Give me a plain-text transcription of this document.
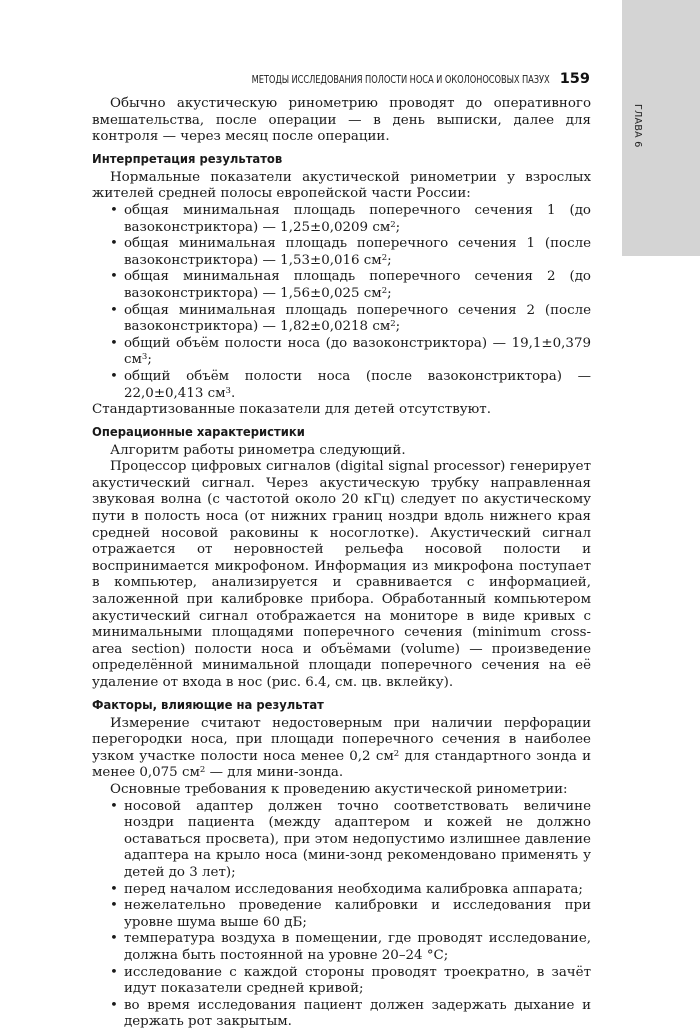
ГЛАВА 6
МЕТОДЫ ИССЛЕДОВАНИЯ ПОЛОСТИ НОСА И ОКОЛОНОСОВЫХ ПАЗУХ 159

Обычно акустическую ринометрию проводят до оперативного вмешательства, после операции — в день выписки, далее для контроля — через месяц после операции.

Интерпретация результатов

Нормальные показатели акустической ринометрии у взрослых жителей средней полосы европейской части России:

• общая минимальная площадь поперечного сечения 1 (до вазоконстриктора) — 1,25±0,0209 $см^2$;
• общая минимальная площадь поперечного сечения 1 (после вазоконстриктора) — 1,53±0,016 $см^2$;
• общая минимальная площадь поперечного сечения 2 (до вазоконстриктора) — 1,56±0,025 $см^2$;
• общая минимальная площадь поперечного сечения 2 (после вазоконстриктора) — 1,82±0,0218 $см^2$;
• общий объём полости носа (до вазоконстриктора) — 19,1±0,379 $см^3$;
• общий объём полости носа (после вазоконстриктора) — 22,0±0,413 $см^3$.

Стандартизованные показатели для детей отсутствуют.

Операционные характеристики

Алгоритм работы ринометра следующий.

Процессор цифровых сигналов (digital signal processor) генерирует акустический сигнал. Через акустическую трубку направленная звуковая волна (с частотой около 20 кГц) следует по акустическому пути в полость носа (от нижних границ ноздри вдоль нижнего края средней носовой раковины к носоглотке). Акустический сигнал отражается от неровностей рельефа носовой полости и воспринимается микрофоном. Информация из микрофона поступает в компьютер, анализируется и сравнивается с информацией, заложенной при калибровке прибора. Обработанный компьютером акустический сигнал отображается на мониторе в виде кривых с минимальными площадями поперечного сечения (minimum cross-area section) полости носа и объёмами (volume) — произведение определённой минимальной площади поперечного сечения на её удаление от входа в нос (рис. 6.4, см. цв. вклейку).

Факторы, влияющие на результат

Измерение считают недостоверным при наличии перфорации перегородки носа, при площади поперечного сечения в наиболее узком участке полости носа менее 0,2 $см^2$ для стандартного зонда и менее 0,075 $см^2$ — для мини-зонда.

Основные требования к проведению акустической ринометрии:

• носовой адаптер должен точно соответствовать величине ноздри пациента (между адаптером и кожей не должно оставаться просвета), при этом недопустимо излишнее давление адаптера на крыло носа (мини-зонд рекомендовано применять у детей до 3 лет);
• перед началом исследования необходима калибровка аппарата;
• нежелательно проведение калибровки и исследования при уровне шума выше 60 дБ;
• температура воздуха в помещении, где проводят исследование, должна быть постоянной на уровне 20–24 °С;
• исследование с каждой стороны проводят троекратно, в зачёт идут показатели средней кривой;
• во время исследования пациент должен задержать дыхание и держать рот закрытым.
